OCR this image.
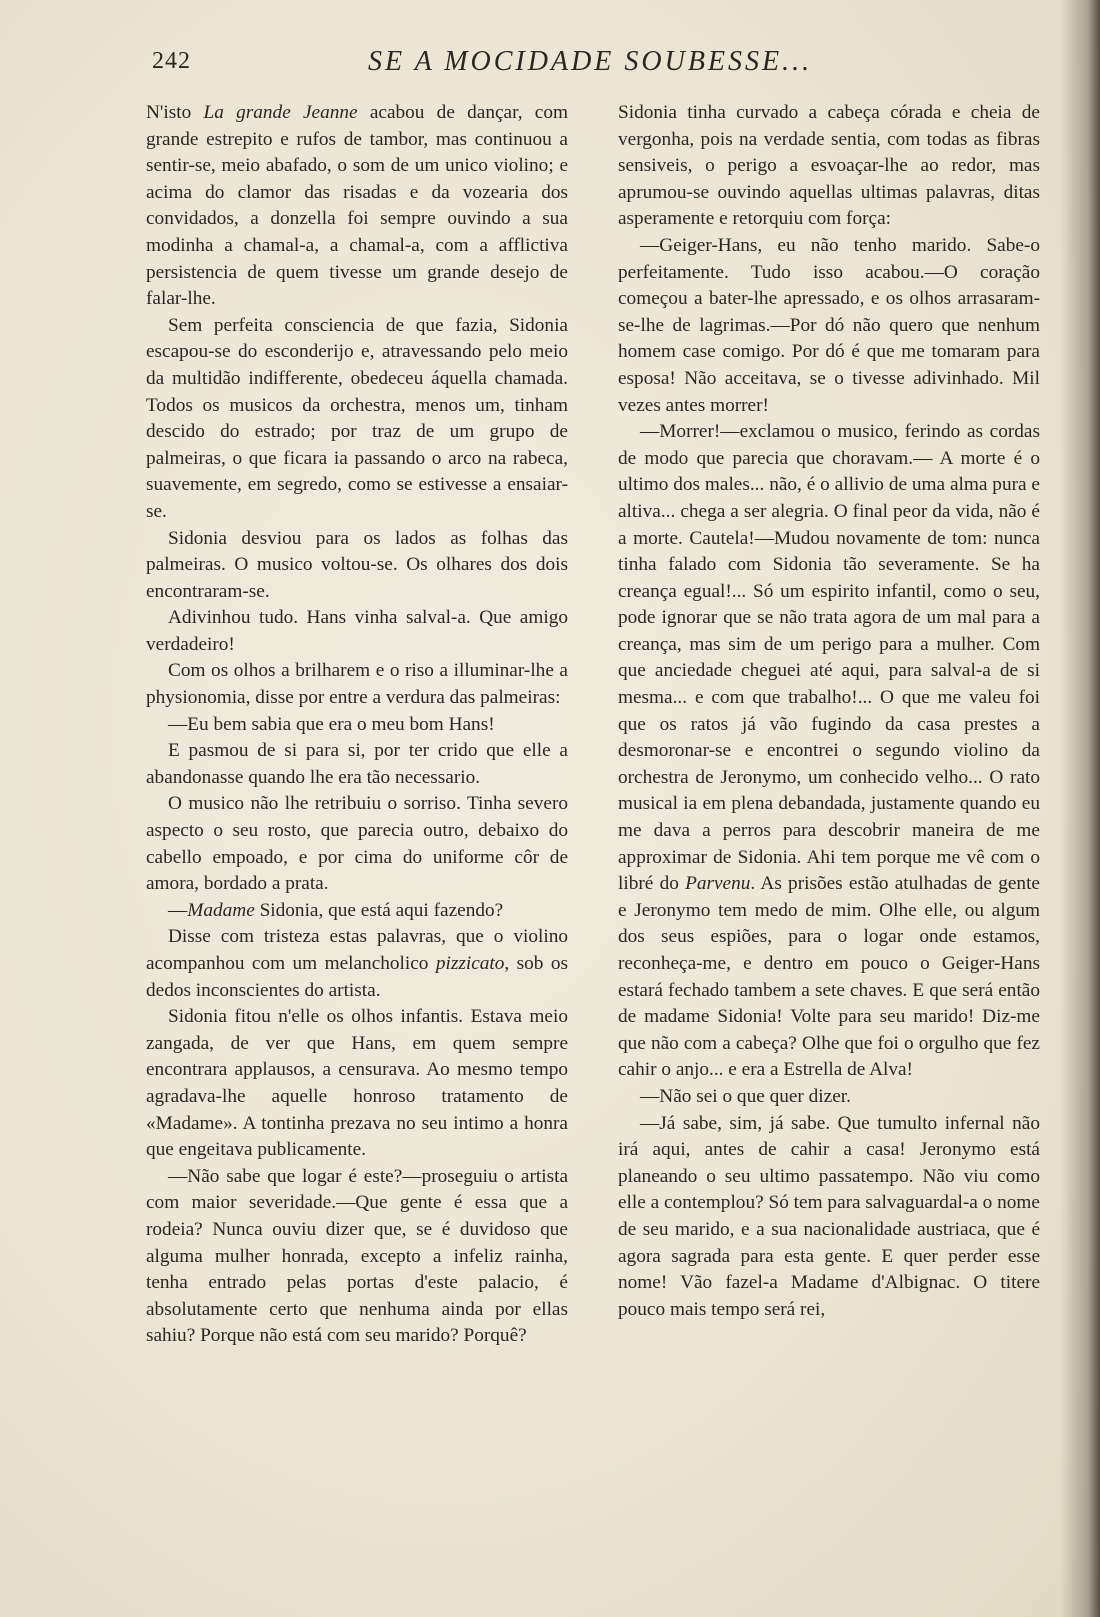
242	SE A MOCIDADE SOUBESSE...

N'isto La grande Jeanne acabou de dançar, com grande estrepito e rufos de tambor, mas continuou a sentir-se, meio abafado, o som de um unico violino; e acima do clamor das risadas e da vozearia dos convidados, a donzella foi sempre ouvindo a sua modinha a chamal-a, a chamal-a, com a afflictiva persistencia de quem tivesse um grande desejo de falar-lhe.

Sem perfeita consciencia de que fazia, Sidonia escapou-se do esconderijo e, atravessando pelo meio da multidão indifferente, obedeceu áquella chamada. Todos os musicos da orchestra, menos um, tinham descido do estrado; por traz de um grupo de palmeiras, o que ficara ia passando o arco na rabeca, suavemente, em segredo, como se estivesse a ensaiar-se.

Sidonia desviou para os lados as folhas das palmeiras. O musico voltou-se. Os olhares dos dois encontraram-se.

Adivinhou tudo. Hans vinha salval-a. Que amigo verdadeiro!

Com os olhos a brilharem e o riso a illuminar-lhe a physionomia, disse por entre a verdura das palmeiras:

—Eu bem sabia que era o meu bom Hans!

E pasmou de si para si, por ter crido que elle a abandonasse quando lhe era tão necessario.

O musico não lhe retribuiu o sorriso. Tinha severo aspecto o seu rosto, que parecia outro, debaixo do cabello empoado, e por cima do uniforme côr de amora, bordado a prata.

—Madame Sidonia, que está aqui fazendo?

Disse com tristeza estas palavras, que o violino acompanhou com um melancholico pizzicato, sob os dedos inconscientes do artista.

Sidonia fitou n'elle os olhos infantis. Estava meio zangada, de ver que Hans, em quem sempre encontrara applausos, a censurava. Ao mesmo tempo agradava-lhe aquelle honroso tratamento de «Madame». A tontinha prezava no seu intimo a honra que engeitava publicamente.

—Não sabe que logar é este?—proseguiu o artista com maior severidade.—Que gente é essa que a rodeia? Nunca ouviu dizer que, se é duvidoso que alguma mulher honrada, excepto a infeliz rainha, tenha entrado pelas portas d'este palacio, é absolutamente certo que nenhuma ainda por ellas sahiu? Porque não está com seu marido? Porquê?

Sidonia tinha curvado a cabeça córada e cheia de vergonha, pois na verdade sentia, com todas as fibras sensiveis, o perigo a esvoaçar-lhe ao redor, mas aprumou-se ouvindo aquellas ultimas palavras, ditas asperamente e retorquiu com força:

—Geiger-Hans, eu não tenho marido. Sabe-o perfeitamente. Tudo isso acabou.—O coração começou a bater-lhe apressado, e os olhos arrasaram-se-lhe de lagrimas.—Por dó não quero que nenhum homem case comigo. Por dó é que me tomaram para esposa! Não acceitava, se o tivesse adivinhado. Mil vezes antes morrer!

—Morrer!—exclamou o musico, ferindo as cordas de modo que parecia que choravam.— A morte é o ultimo dos males... não, é o allivio de uma alma pura e altiva... chega a ser alegria. O final peor da vida, não é a morte. Cautela!—Mudou novamente de tom: nunca tinha falado com Sidonia tão severamente. Se ha creança egual!... Só um espirito infantil, como o seu, pode ignorar que se não trata agora de um mal para a creança, mas sim de um perigo para a mulher. Com que anciedade cheguei até aqui, para salval-a de si mesma... e com que trabalho!... O que me valeu foi que os ratos já vão fugindo da casa prestes a desmoronar-se e encontrei o segundo violino da orchestra de Jeronymo, um conhecido velho... O rato musical ia em plena debandada, justamente quando eu me dava a perros para descobrir maneira de me approximar de Sidonia. Ahi tem porque me vê com o libré do Parvenu. As prisões estão atulhadas de gente e Jeronymo tem medo de mim. Olhe elle, ou algum dos seus espiões, para o logar onde estamos, reconheça-me, e dentro em pouco o Geiger-Hans estará fechado tambem a sete chaves. E que será então de madame Sidonia! Volte para seu marido! Diz-me que não com a cabeça? Olhe que foi o orgulho que fez cahir o anjo... e era a Estrella de Alva!

—Não sei o que quer dizer.

—Já sabe, sim, já sabe. Que tumulto infernal não irá aqui, antes de cahir a casa! Jeronymo está planeando o seu ultimo passatempo. Não viu como elle a contemplou? Só tem para salvaguardal-a o nome de seu marido, e a sua nacionalidade austriaca, que é agora sagrada para esta gente. E quer perder esse nome! Vão fazel-a Madame d'Albignac. O titere pouco mais tempo será rei,
